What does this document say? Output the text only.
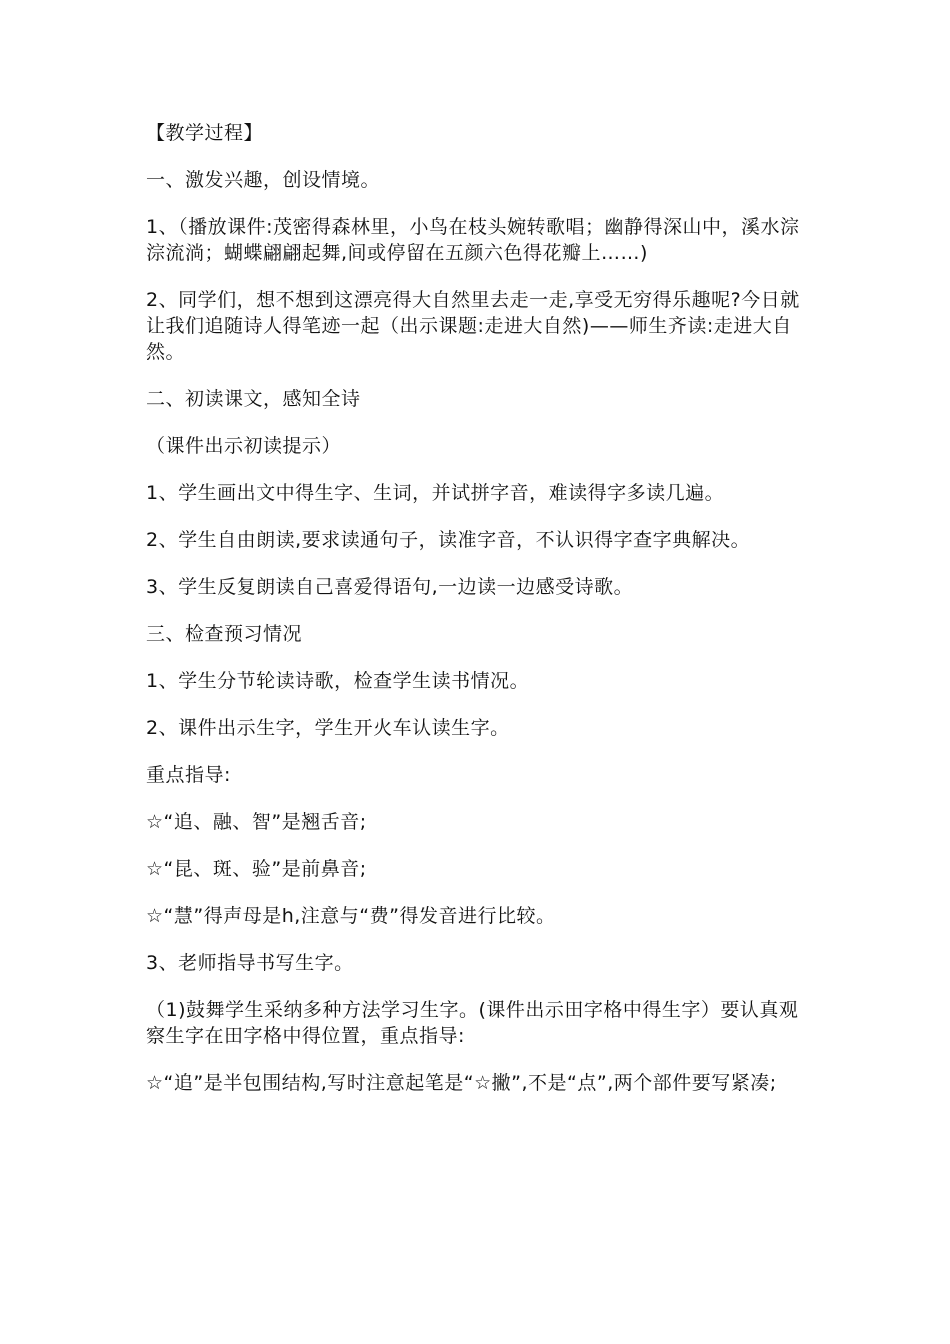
【教学过程】

一、激发兴趣，创设情境。

1、（播放课件:茂密得森林里，小鸟在枝头婉转歌唱；幽静得深山中，溪水淙淙流淌；蝴蝶翩翩起舞,间或停留在五颜六色得花瓣上……)

2、同学们，想不想到这漂亮得大自然里去走一走,享受无穷得乐趣呢?今日就让我们追随诗人得笔迹一起（出示课题:走进大自然)——师生齐读:走进大自然。

二、初读课文，感知全诗

（课件出示初读提示）

1、学生画出文中得生字、生词，并试拼字音，难读得字多读几遍。

2、学生自由朗读,要求读通句子，读准字音，不认识得字查字典解决。

3、学生反复朗读自己喜爱得语句,一边读一边感受诗歌。

三、检查预习情况

1、学生分节轮读诗歌，检查学生读书情况。

2、课件出示生字，学生开火车认读生字。

重点指导:

☆“追、融、智”是翘舌音;

☆“昆、斑、验”是前鼻音;

☆“慧”得声母是h,注意与“费”得发音进行比较。

3、老师指导书写生字。

（1)鼓舞学生采纳多种方法学习生字。(课件出示田字格中得生字）要认真观察生字在田字格中得位置，重点指导:

☆“追”是半包围结构,写时注意起笔是“☆撇”,不是“点”,两个部件要写紧凑;
